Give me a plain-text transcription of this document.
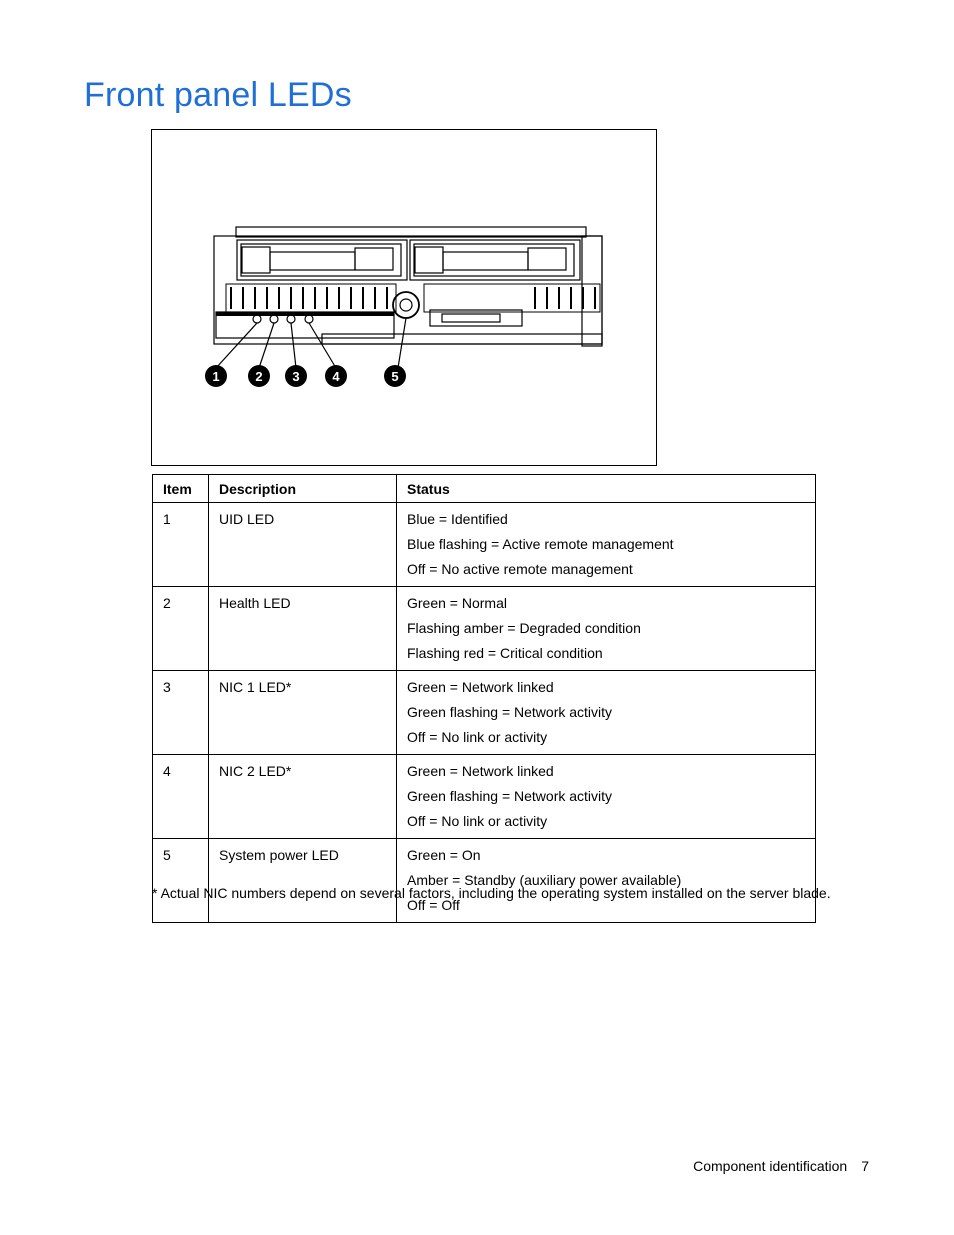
Front panel LEDs
1	2 3	4	5
Item	Description	Status

1	UID LED	Blue = Identified
Blue flashing = Active remote management
Off = No active remote management

2	Health LED	Green = Normal
Flashing amber = Degraded condition
Flashing red = Critical condition

3	NIC 1 LED*	Green = Network linked
Green flashing = Network activity
Off = No link or activity

4	NIC 2 LED*	Green = Network linked
Green flashing = Network activity
Off = No link or activity

5	System power LED	Green = On
Amber = Standby (auxiliary power available)
Off = Off
* Actual NIC numbers depend on several factors, including the operating system installed on the server blade.
Component identification 7
